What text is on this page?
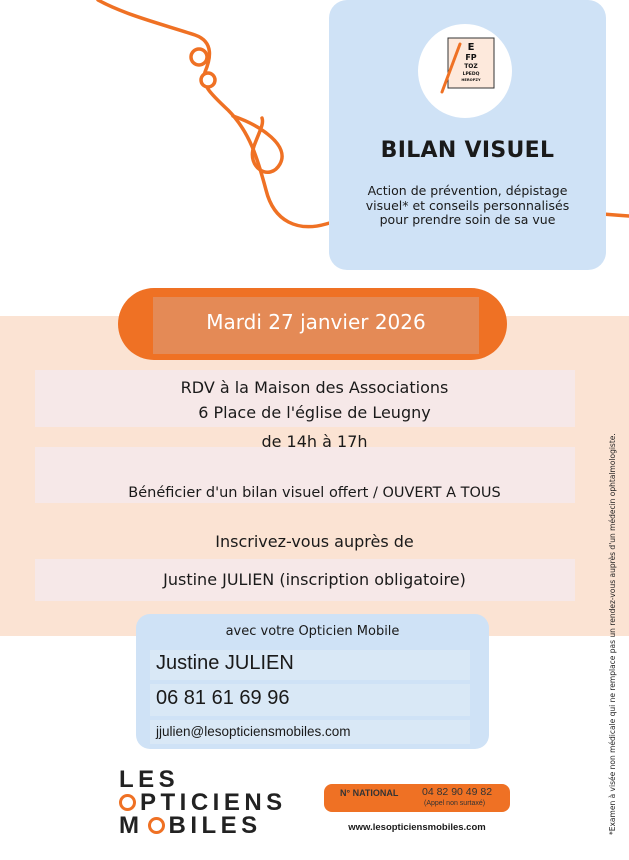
E
FP
TOZ
LPEDQ
HEROPZY
BILAN VISUEL
Action de prévention, dépistage
visuel* et conseils personnalisés
pour prendre soin de sa vue
Mardi 27 janvier 2026
RDV à la Maison des Associations
6 Place de l'église de Leugny
de 14h à 17h
Bénéficier d'un bilan visuel offert / OUVERT A TOUS
Inscrivez-vous auprès de
Justine JULIEN (inscription obligatoire)
avec votre Opticien Mobile
Justine JULIEN
06 81 61 69 96
jjulien@lesopticiensmobiles.com
LES
PTICIENS
M BILES
N° NATIONAL 04 82 90 49 82
(Appel non surtaxé)
www.lesopticiensmobiles.com	*Examen à visée non médicale qui ne remplace pas un rendez-vous auprès d'un médecin ophtalmologiste.
